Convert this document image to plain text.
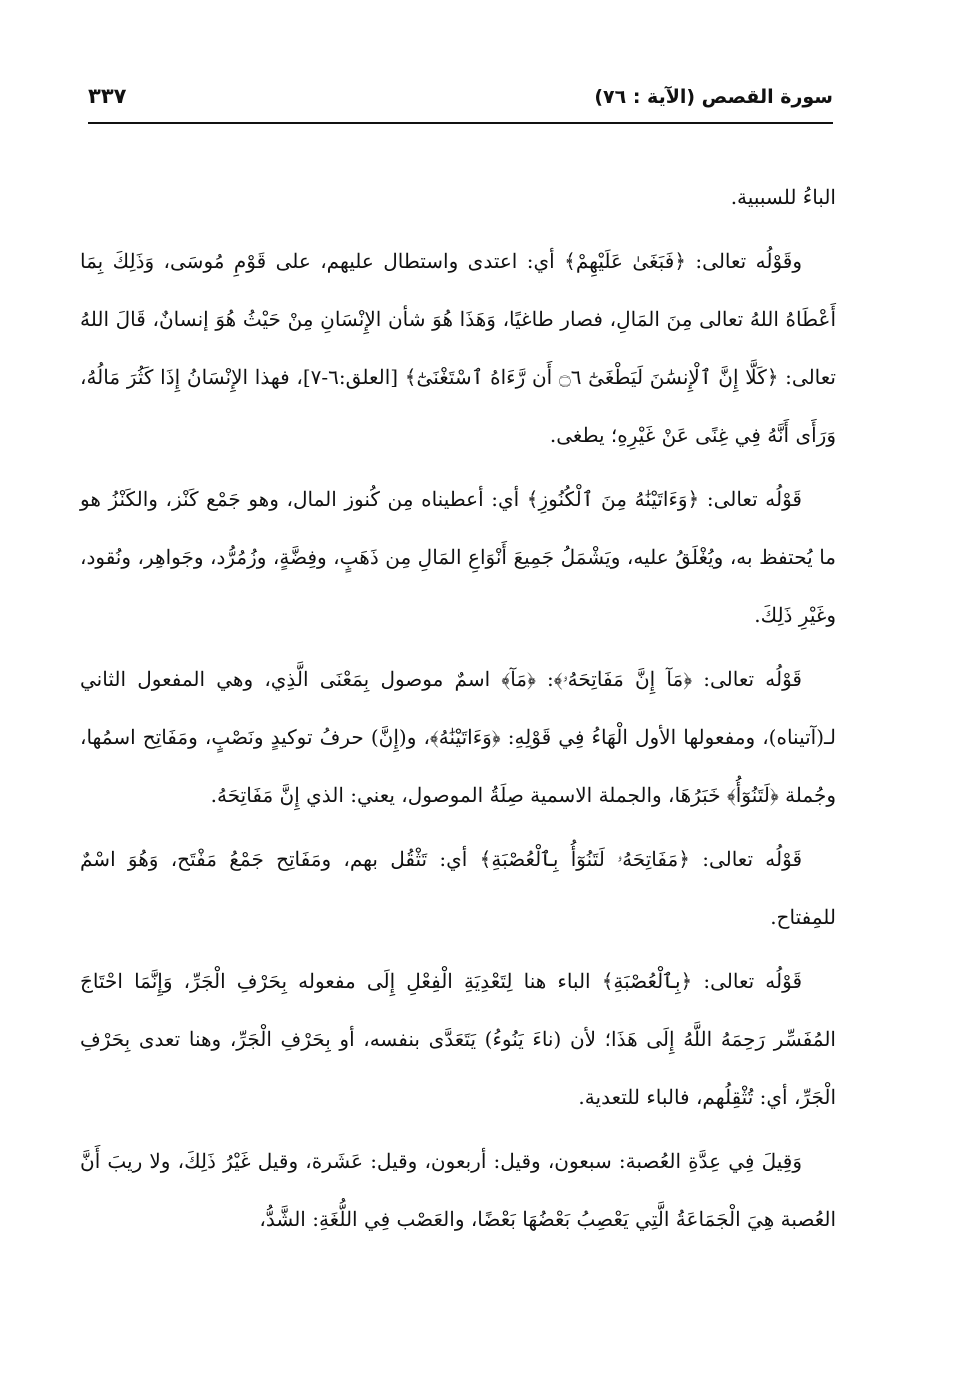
سورة القصص (الآية : ٧٦)
٣٣٧

الباءُ للسببية.

وقَوْلُه تعالى: ﴿فَبَغَىٰ عَلَيْهِمْ﴾ أي: اعتدى واستطال عليهم، على قَوْمِ مُوسَى، وَذَلِكَ بِمَا أَعْطَاهُ اللهُ تعالى مِنَ المَالِ، فصار طاغيًا، وَهَذَا هُوَ شأن الإِنْسَانِ مِنْ حَيْثُ هُوَ إنسانٌ، قَالَ اللهُ تعالى: ﴿كَلَّا إِنَّ ٱلْإِنسَٰنَ لَيَطْغَىٰٓ ۝٦ أَن رَّءَاهُ ٱسْتَغْنَىٰٓ﴾ [العلق:٦-٧]، فهذا الإِنْسَانُ إِذَا كَثُرَ مَالُهُ، وَرَأَى أَنَّهُ فِي غِنًى عَنْ غَيْرِهِ؛ يطغى.

قَوْلُه تعالى: ﴿وَءَاتَيْنَٰهُ مِنَ ٱلْكُنُوزِ﴾ أي: أعطيناه مِن كُنوز المال، وهو جَمْع كَنْز، والكَنْزُ هو ما يُحتفظ به، ويُغْلَقُ عليه، ويَشْمَلُ جَمِيعَ أَنْوَاعِ المَالِ مِن ذَهَبٍ، وفِضَّةٍ، وزُمُرُّد، وجَواهِر، ونُقود، وغَيْرِ ذَلِكَ.

قَوْلُه تعالى: ﴿مَآ إِنَّ مَفَاتِحَهُۥ﴾: ﴿مَآ﴾ اسمٌ موصول بِمَعْنَى الَّذِي، وهي المفعول الثاني لـ(آتيناه)، ومفعولها الأول الْهَاءُ فِي قَوْلِهِ: ﴿وَءَاتَيْنَٰهُ﴾، و(إِنَّ) حرفُ توكيدٍ ونَصْبٍ، ومَفَاتِح اسمُها، وجُملة ﴿لَتَنُوٓأُ﴾ خَبَرُهَا، والجملة الاسمية صِلَةُ الموصول، يعني: الذي إِنَّ مَفَاتِحَهُ.

قَوْلُه تعالى: ﴿مَفَاتِحَهُۥ لَتَنُوٓأُ بِٱلْعُصْبَةِ﴾ أي: تَثْقُل بهم، ومَفَاتِح جَمْعُ مَفْتَح، وَهُوَ اسْمٌ للمِفتاح.

قَوْلُه تعالى: ﴿بِٱلْعُصْبَةِ﴾ الباء هنا لِتَعْدِيَةِ الْفِعْلِ إِلَى مفعوله بِحَرْفِ الْجَرِّ، وَإِنَّمَا احْتَاجَ المُفَسِّر رَحِمَهُ اللَّهُ إِلَى هَذَا؛ لأن (ناءَ يَنُوءُ) يَتَعَدَّى بنفسه، أو بِحَرْفِ الْجَرِّ، وهنا تعدى بِحَرْفِ الْجَرِّ، أي: تُثْقِلُهم، فالباء للتعدية.

وَقِيلَ فِي عِدَّةِ العُصبة: سبعون، وقيل: أربعون، وقيل: عَشَرة، وقيل غَيْرُ ذَلِكَ، ولا ريبَ أَنَّ العُصبة هِيَ الْجَمَاعَةُ الَّتِي يَعْصِبُ بَعْضُهَا بَعْضًا، والعَصْب فِي اللُّغَةِ: الشَّدُّ،
